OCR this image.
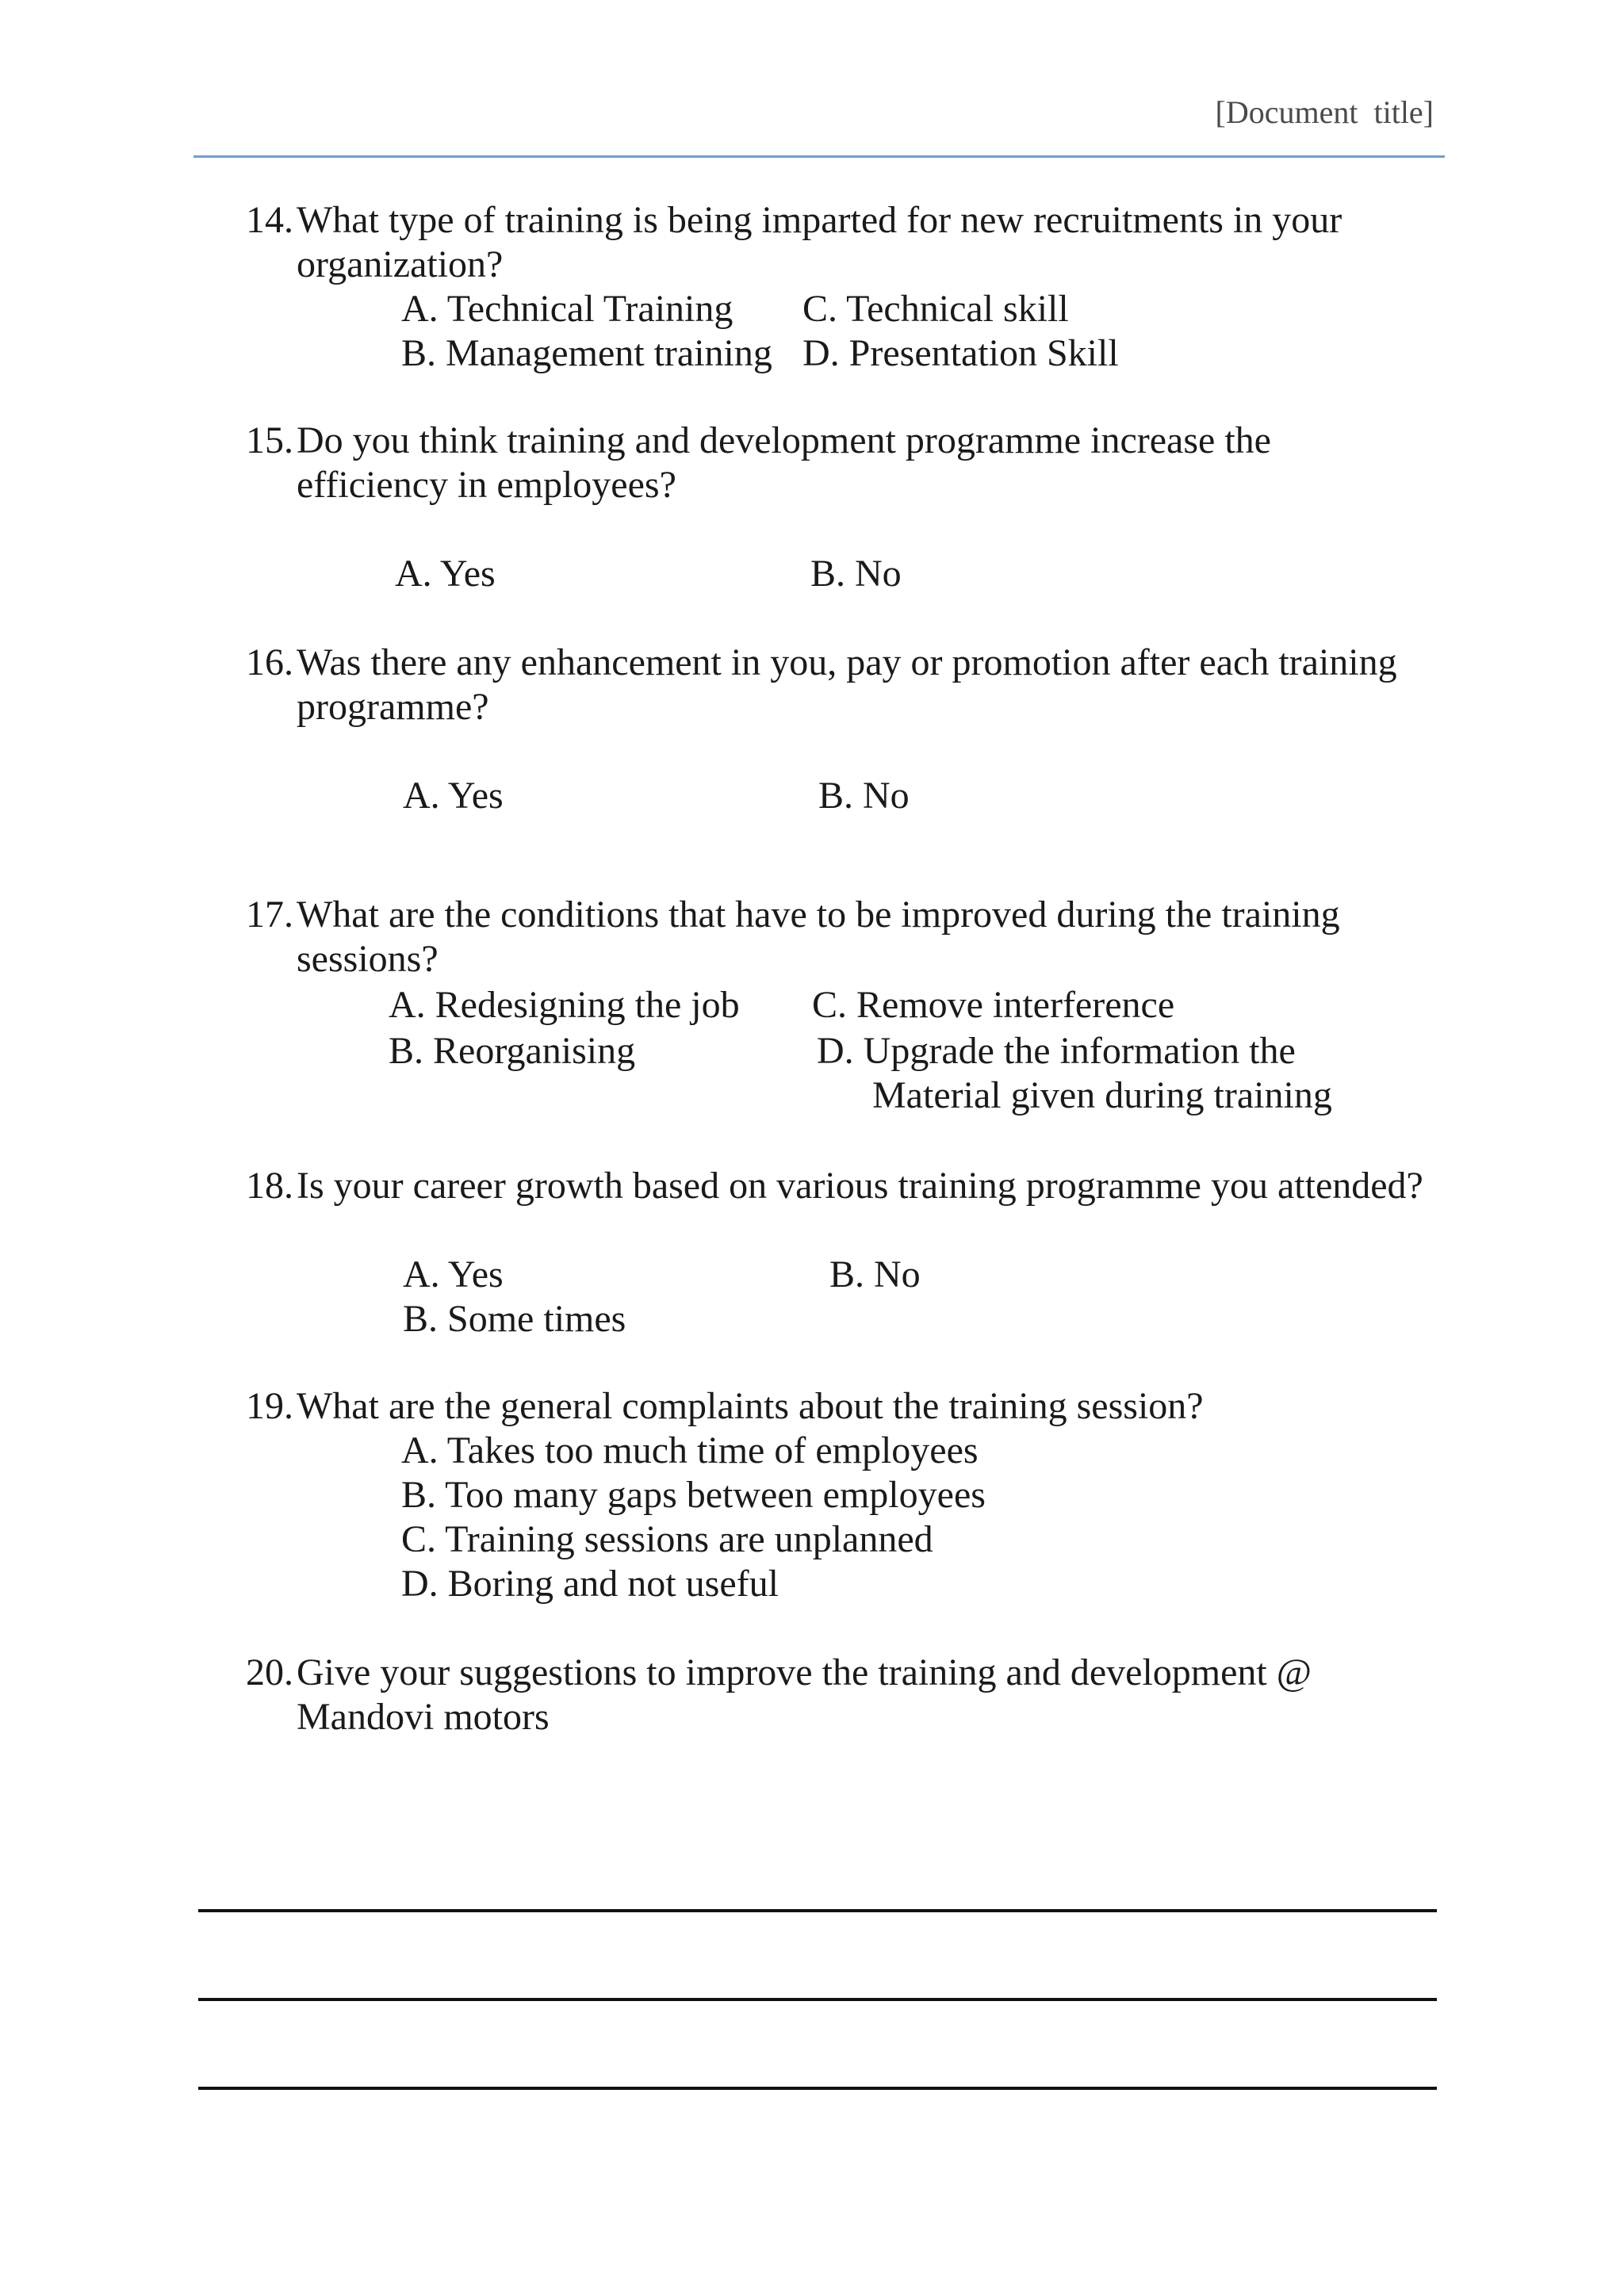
[Document title]
14. What type of training is being imparted for new recruitments in your
organization?
A. Technical Training C. Technical skill
B. Management training D. Presentation Skill
15. Do you think training and development programme increase the
efficiency in employees?
A. Yes	B. No
16. Was there any enhancement in you, pay or promotion after each training
programme?
A. Yes	B. No
17. What are the conditions that have to be improved during the training
sessions?
A. Redesigning the job C. Remove interference
B. Reorganising	D. Upgrade the information the
Material given during training
18. Is your career growth based on various training programme you attended?
A. Yes	B. No
B. Some times
19. What are the general complaints about the training session?
A. Takes too much time of employees
B. Too many gaps between employees
C. Training sessions are unplanned
D. Boring and not useful
20. Give your suggestions to improve the training and development @
Mandovi motors
